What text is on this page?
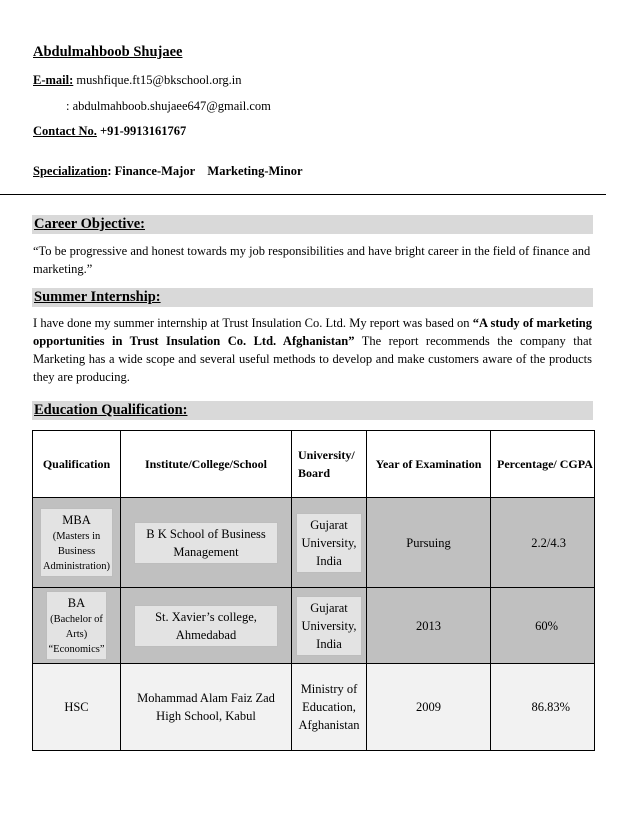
Abdulmahboob Shujaee
E-mail: mushfique.ft15@bkschool.org.in
: abdulmahboob.shujaee647@gmail.com
Contact No. +91-9913161767
Specialization: Finance-Major    Marketing-Minor
Career Objective:
“To be progressive and honest towards my job responsibilities and have bright career in the field of finance and marketing.”
Summer Internship:
I have done my summer internship at Trust Insulation Co. Ltd. My report was based on “A study of marketing opportunities in Trust Insulation Co. Ltd. Afghanistan” The report recommends the company that Marketing has a wide scope and several useful methods to develop and make customers aware of the products they are producing.
Education Qualification:
Qualification	Institute/College/School	University/ Board	Year of Examination	Percentage/ CGPA

MBA
(Masters in
Business
Administration)	B K School of Business Management	Gujarat University, India	Pursuing	2.2/4.3

BA
(Bachelor of
Arts)
“Economics”	St. Xavier’s college, Ahmedabad	Gujarat University, India	2013	60%
HSC	Mohammad Alam Faiz Zad High School, Kabul	Ministry of Education, Afghanistan	2009	86.83%
